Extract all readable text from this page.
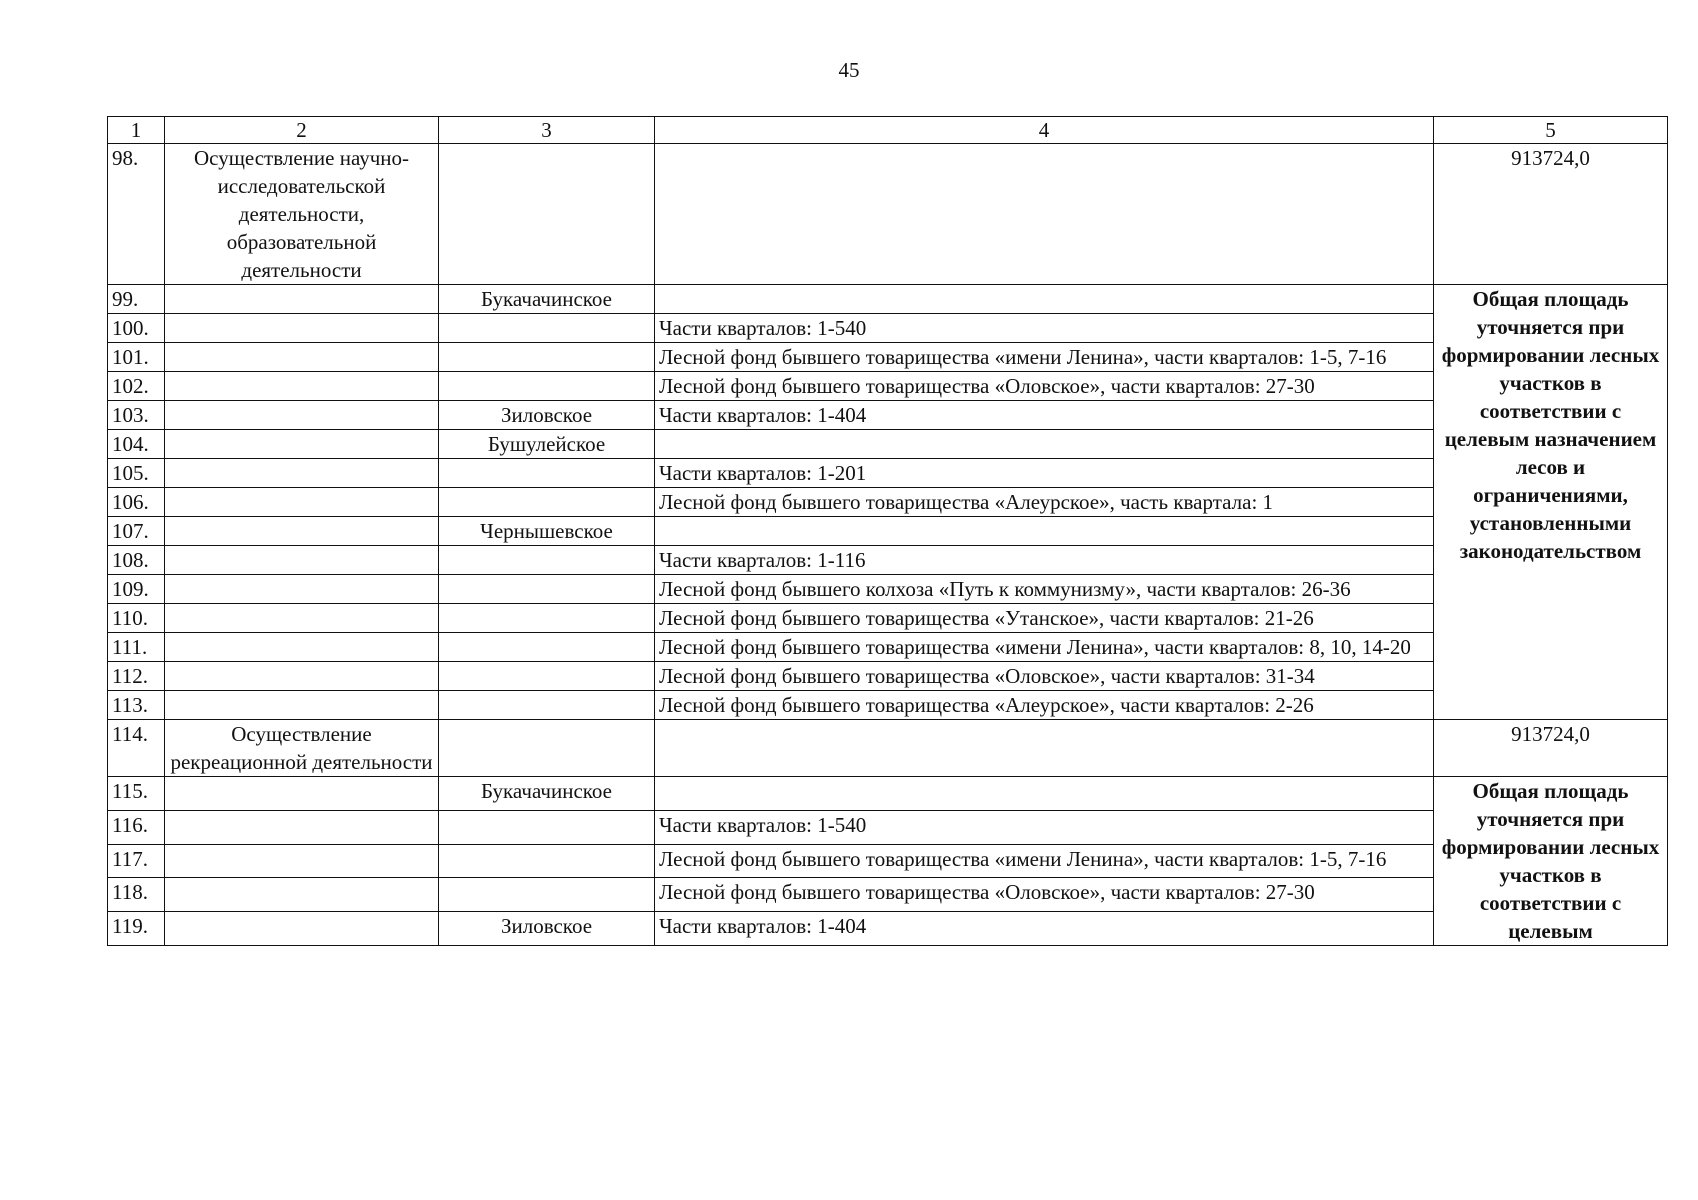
45
1	2	3	4	5
98.	Осуществление научно-исследовательской деятельности, образовательной деятельности			913724,0
99.		Букачачинское		Общая площадь уточняется при формировании лесных участков в соответствии с целевым назначением лесов и ограничениями, установленными законодательством
100.			Части кварталов: 1-540	
101.			Лесной фонд бывшего товарищества «имени Ленина», части кварталов: 1-5, 7-16	
102.			Лесной фонд бывшего товарищества «Оловское», части кварталов: 27-30	
103.		Зиловское	Части кварталов: 1-404	
104.		Бушулейское		
105.			Части кварталов: 1-201	
106.			Лесной фонд бывшего товарищества «Алеурское», часть квартала: 1	
107.		Чернышевское		
108.			Части кварталов: 1-116	
109.			Лесной фонд бывшего колхоза «Путь к коммунизму», части кварталов: 26-36	
110.			Лесной фонд бывшего товарищества «Утанское», части кварталов: 21-26	
111.			Лесной фонд бывшего товарищества «имени Ленина», части кварталов: 8, 10, 14-20	
112.			Лесной фонд бывшего товарищества «Оловское», части кварталов: 31-34	
113.			Лесной фонд бывшего товарищества «Алеурское», части кварталов: 2-26	
114.	Осуществление рекреационной деятельности			913724,0
115.		Букачачинское		Общая площадь уточняется при формировании лесных участков в соответствии с целевым
116.			Части кварталов: 1-540	
117.			Лесной фонд бывшего товарищества «имени Ленина», части кварталов: 1-5, 7-16	
118.			Лесной фонд бывшего товарищества «Оловское», части кварталов: 27-30	
119.		Зиловское	Части кварталов: 1-404	
